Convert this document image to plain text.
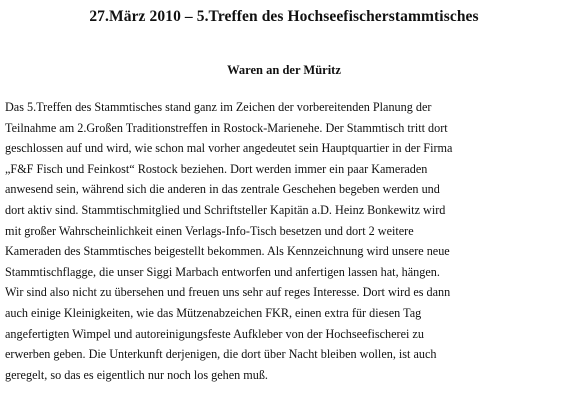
27.März 2010 – 5.Treffen des Hochseefischerstammtisches
Waren an der Müritz
Das 5.Treffen des Stammtisches stand ganz im Zeichen der vorbereitenden Planung der
Teilnahme am 2.Großen Traditionstreffen in Rostock-Marienehe. Der Stammtisch tritt dort
geschlossen auf und wird, wie schon mal vorher angedeutet sein Hauptquartier in der Firma
„F&F Fisch und Feinkost“ Rostock beziehen. Dort werden immer ein paar Kameraden
anwesend sein, während sich die anderen in das zentrale Geschehen begeben werden und
dort aktiv sind. Stammtischmitglied und Schriftsteller Kapitän a.D. Heinz Bonkewitz wird
mit großer Wahrscheinlichkeit einen Verlags-Info-Tisch besetzen und dort 2 weitere
Kameraden des Stammtisches beigestellt bekommen. Als Kennzeichnung wird unsere neue
Stammtischflagge, die unser Siggi Marbach entworfen und anfertigen lassen hat, hängen.
Wir sind also nicht zu übersehen und freuen uns sehr auf reges Interesse. Dort wird es dann
auch einige Kleinigkeiten, wie das Mützenabzeichen FKR, einen extra für diesen Tag
angefertigten Wimpel und autoreinigungsfeste Aufkleber von der Hochseefischerei zu
erwerben geben. Die Unterkunft derjenigen, die dort über Nacht bleiben wollen, ist auch
geregelt, so das es eigentlich nur noch los gehen muß.
